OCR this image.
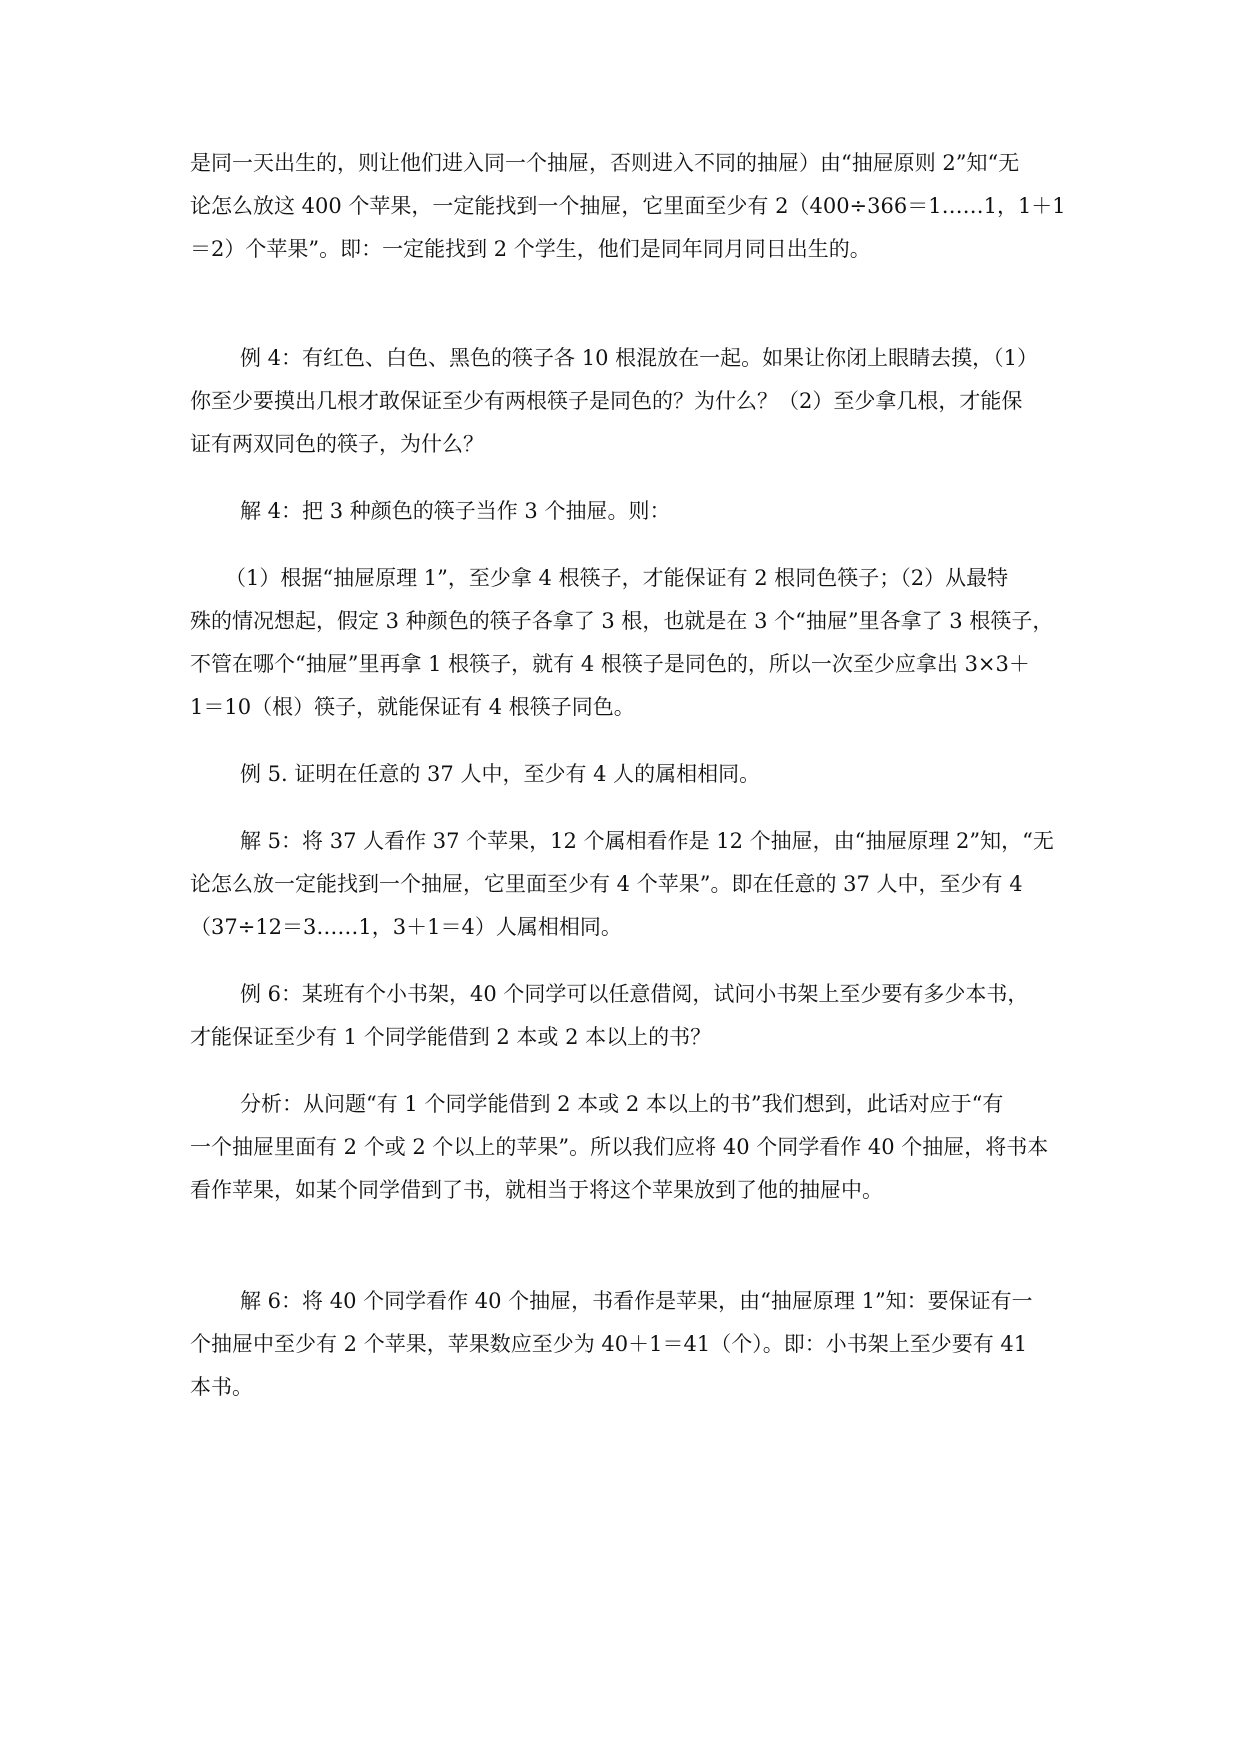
是同一天出生的，则让他们进入同一个抽屉，否则进入不同的抽屉）由“抽屉原则 2”知“无
论怎么放这 400 个苹果，一定能找到一个抽屉，它里面至少有 2（400÷366＝1……1，1＋1
＝2）个苹果”。即：一定能找到 2 个学生，他们是同年同月同日出生的。
例 4：有红色、白色、黑色的筷子各 10 根混放在一起。如果让你闭上眼睛去摸，（1）
你至少要摸出几根才敢保证至少有两根筷子是同色的？为什么？（2）至少拿几根，才能保
证有两双同色的筷子，为什么？
解 4：把 3 种颜色的筷子当作 3 个抽屉。则：
（1）根据“抽屉原理 1”，至少拿 4 根筷子，才能保证有 2 根同色筷子；（2）从最特
殊的情况想起，假定 3 种颜色的筷子各拿了 3 根，也就是在 3 个“抽屉”里各拿了 3 根筷子，
不管在哪个“抽屉”里再拿 1 根筷子，就有 4 根筷子是同色的，所以一次至少应拿出 3×3＋
1＝10（根）筷子，就能保证有 4 根筷子同色。
例 5. 证明在任意的 37 人中，至少有 4 人的属相相同。
解 5：将 37 人看作 37 个苹果，12 个属相看作是 12 个抽屉，由“抽屉原理 2”知，“无
论怎么放一定能找到一个抽屉，它里面至少有 4 个苹果”。即在任意的 37 人中，至少有 4
（37÷12＝3……1，3＋1＝4）人属相相同。
例 6：某班有个小书架，40 个同学可以任意借阅，试问小书架上至少要有多少本书，
才能保证至少有 1 个同学能借到 2 本或 2 本以上的书？
分析：从问题“有 1 个同学能借到 2 本或 2 本以上的书”我们想到，此话对应于“有
一个抽屉里面有 2 个或 2 个以上的苹果”。所以我们应将 40 个同学看作 40 个抽屉，将书本
看作苹果，如某个同学借到了书，就相当于将这个苹果放到了他的抽屉中。
解 6：将 40 个同学看作 40 个抽屉，书看作是苹果，由“抽屉原理 1”知：要保证有一
个抽屉中至少有 2 个苹果，苹果数应至少为 40＋1＝41（个）。即：小书架上至少要有 41
本书。
